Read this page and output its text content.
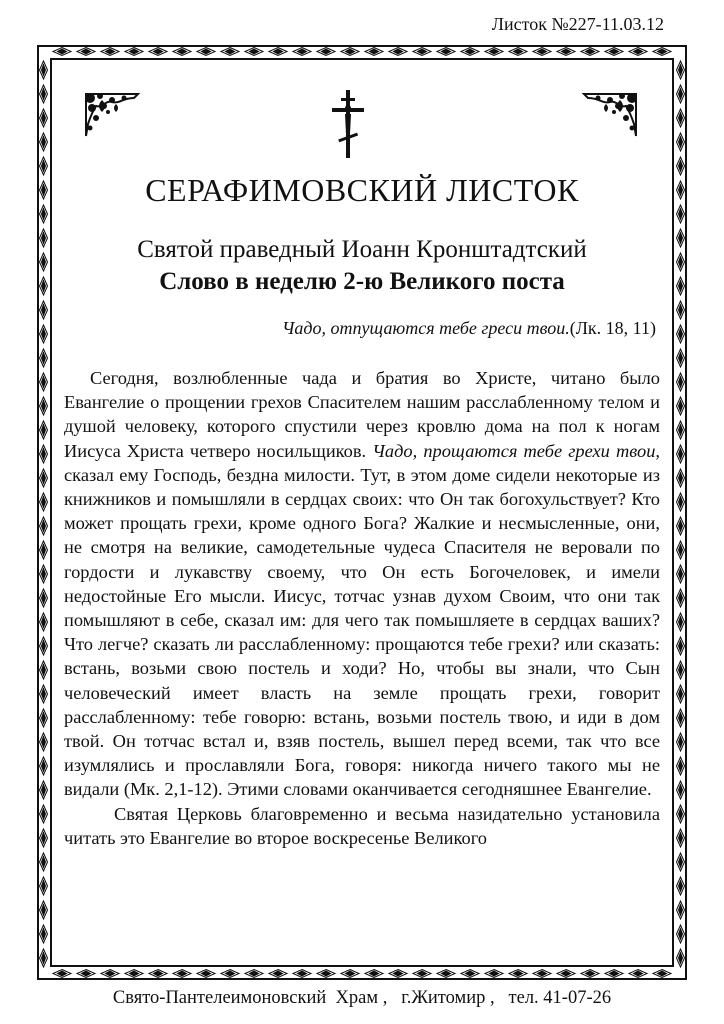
Листок №227-11.03.12
СЕРАФИМОВСКИЙ ЛИСТОК
Святой праведный Иоанн Кронштадтский
Слово в неделю 2-ю Великого поста
Чадо, отпущаются тебе греси твои.(Лк. 18, 11)

Сегодня, возлюбленные чада и братия во Христе, читано было Евангелие о прощении грехов Спасителем нашим расслабленному телом и душой человеку, которого спустили через кровлю дома на пол к ногам Иисуса Христа четверо носильщиков. Чадо, прощаются тебе грехи твои, сказал ему Господь, бездна милости. Тут, в этом доме сидели некоторые из книжников и помышляли в сердцах своих: что Он так богохульствует? Кто может прощать грехи, кроме одного Бога? Жалкие и несмысленные, они, не смотря на великие, самодетельные чудеса Спасителя не веровали по гордости и лукавству своему, что Он есть Богочеловек, и имели недостойные Его мысли. Иисус, тотчас узнав духом Своим, что они так помышляют в себе, сказал им: для чего так помышляете в сердцах ваших? Что легче? сказать ли расслабленному: прощаются тебе грехи? или сказать: встань, возьми свою постель и ходи? Но, чтобы вы знали, что Сын человеческий имеет власть на земле прощать грехи, говорит расслабленному: тебе говорю: встань, возьми постель твою, и иди в дом твой. Он тотчас встал и, взяв постель, вышел перед всеми, так что все изумлялись и прославляли Бога, говоря: никогда ничего такого мы не видали (Мк. 2,1-12). Этими словами оканчивается сегодняшнее Евангелие.

Святая Церковь благовременно и весьма назидательно установила читать это Евангелие во второе воскресенье Великого

Свято-Пантелеимоновский  Храм , г.Житомир , тел. 41-07-26
